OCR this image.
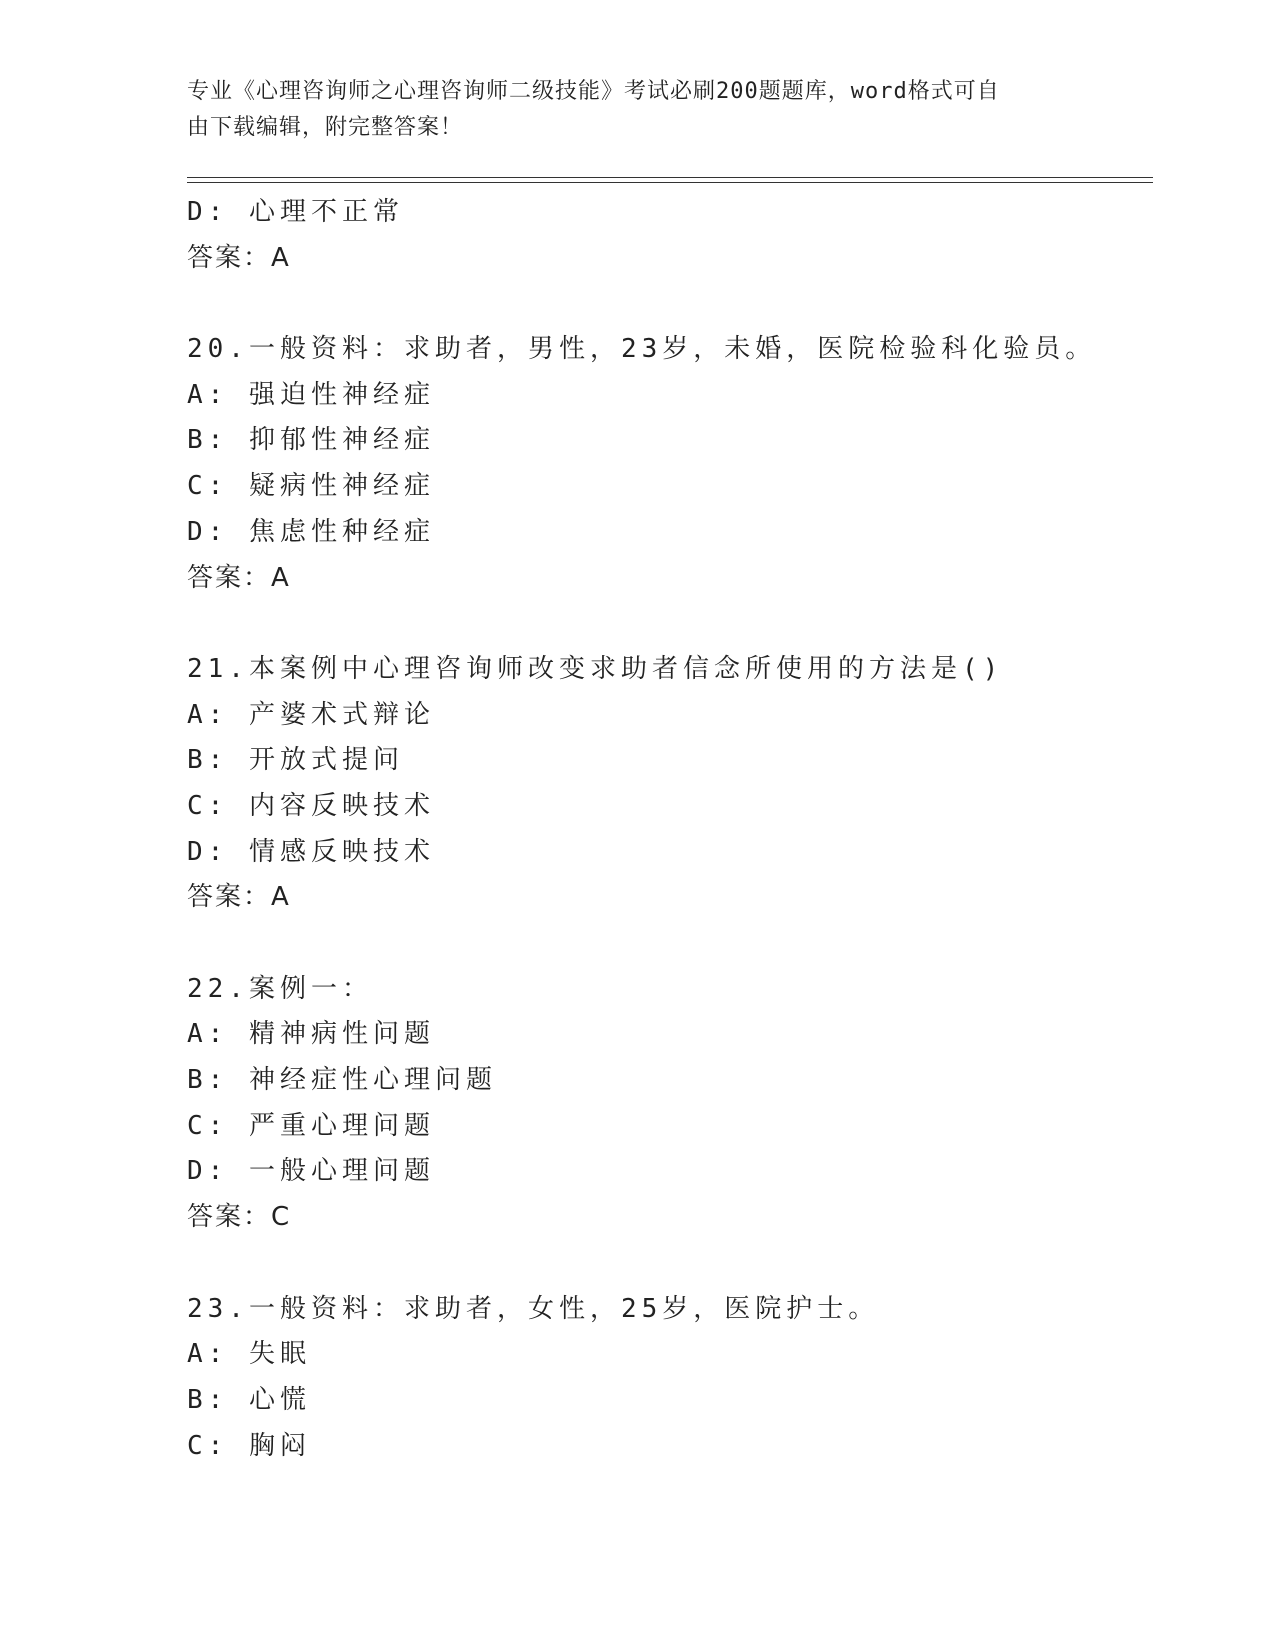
专业《心理咨询师之心理咨询师二级技能》考试必刷200题题库，word格式可自
由下载编辑，附完整答案！
D: 心理不正常
答案：A
20.一般资料：求助者，男性，23岁，未婚，医院检验科化验员。
A: 强迫性神经症
B: 抑郁性神经症
C: 疑病性神经症
D: 焦虑性种经症
答案：A
21.本案例中心理咨询师改变求助者信念所使用的方法是()
A: 产婆术式辩论
B: 开放式提问
C: 内容反映技术
D: 情感反映技术
答案：A
22.案例一：
A: 精神病性问题
B: 神经症性心理问题
C: 严重心理问题
D: 一般心理问题
答案：C
23.一般资料：求助者，女性，25岁，医院护士。
A: 失眠
B: 心慌
C: 胸闷
